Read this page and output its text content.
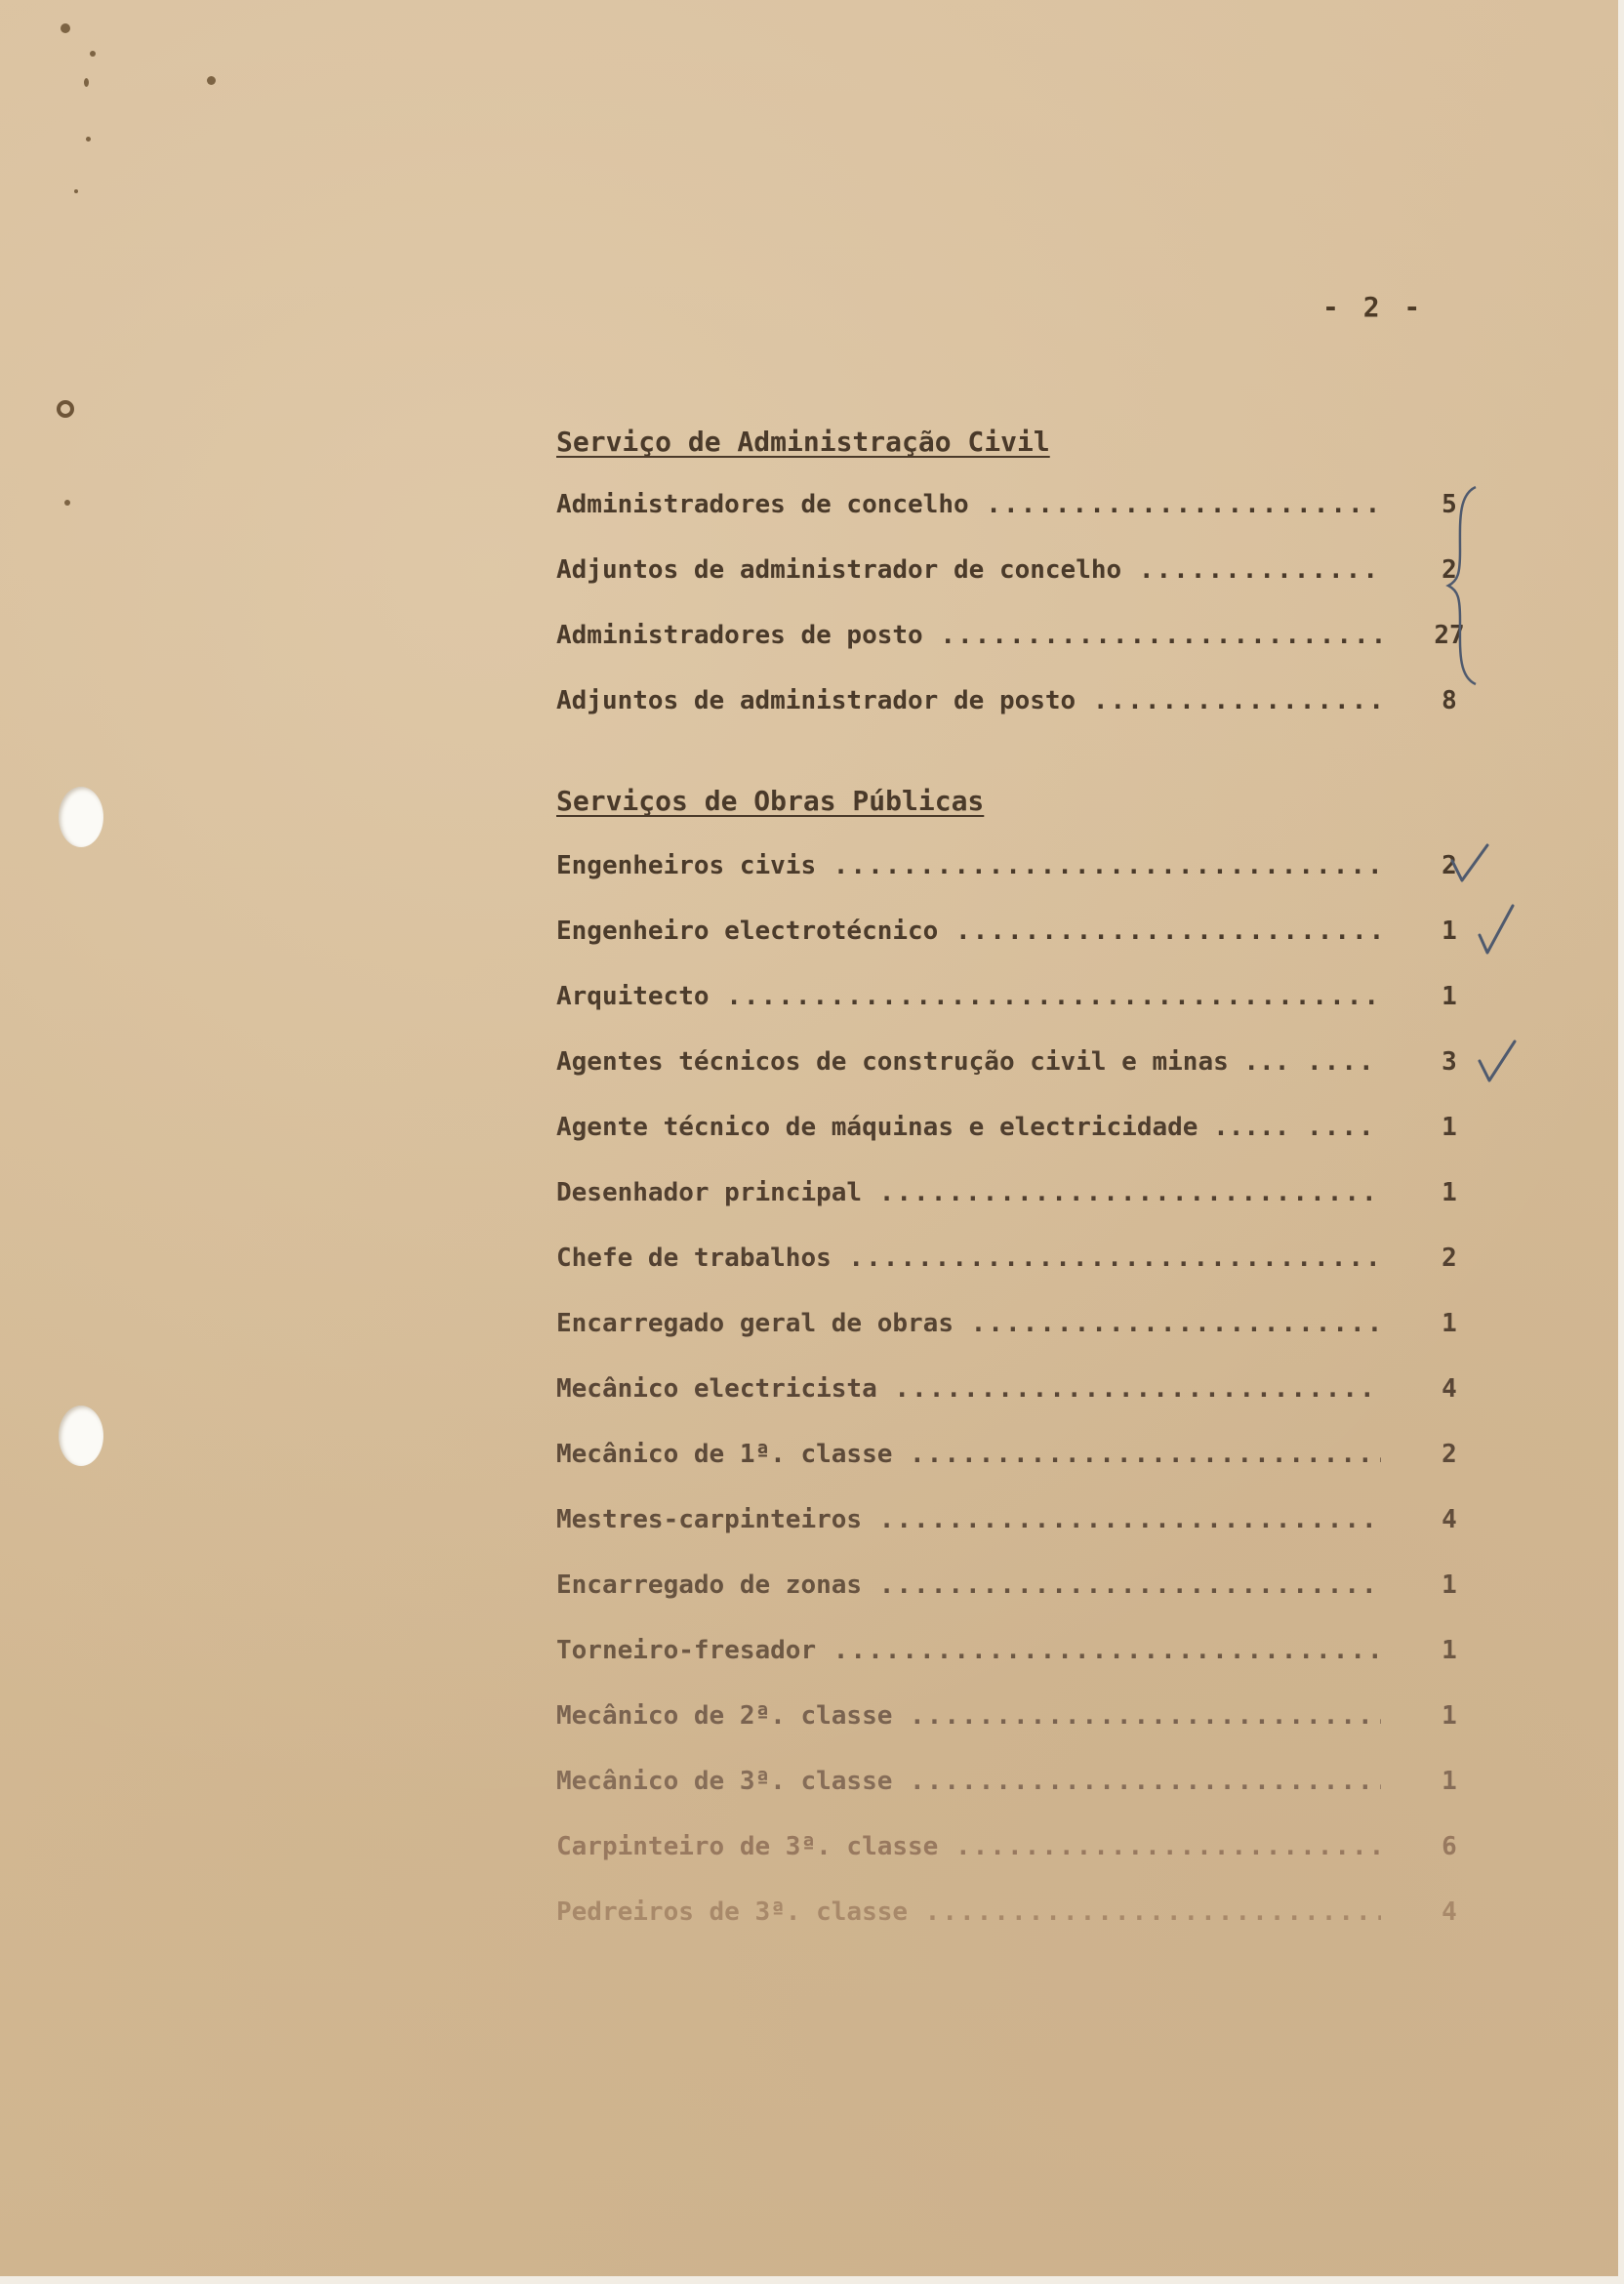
- 2 -
Serviço de Administração Civil
Administradores de concelho .....	5
Adjuntos de administrador de concelho .....	2
Administradores de posto .....	27
Adjuntos de administrador de posto .....	8
Serviços de Obras Públicas
Engenheiros civis .....	2
Engenheiro electrotécnico .....	1
Arquitecto .....	1
Agentes técnicos de construção civil e minas ... .....	3
Agente técnico de máquinas e electricidade ..... .....	1
Desenhador principal .....	1
Chefe de trabalhos .....	2
Encarregado geral de obras .....	1
Mecânico electricista .....	4
Mecânico de 1ª. classe .....	2
Mestres-carpinteiros .....	4
Encarregado de zonas .....	1
Torneiro-fresador .....	1
Mecânico de 2ª. classe .....	1
Mecânico de 3ª. classe .....	1
Carpinteiro de 3ª. classe .....	6
Pedreiros de 3ª. classe .....	4
